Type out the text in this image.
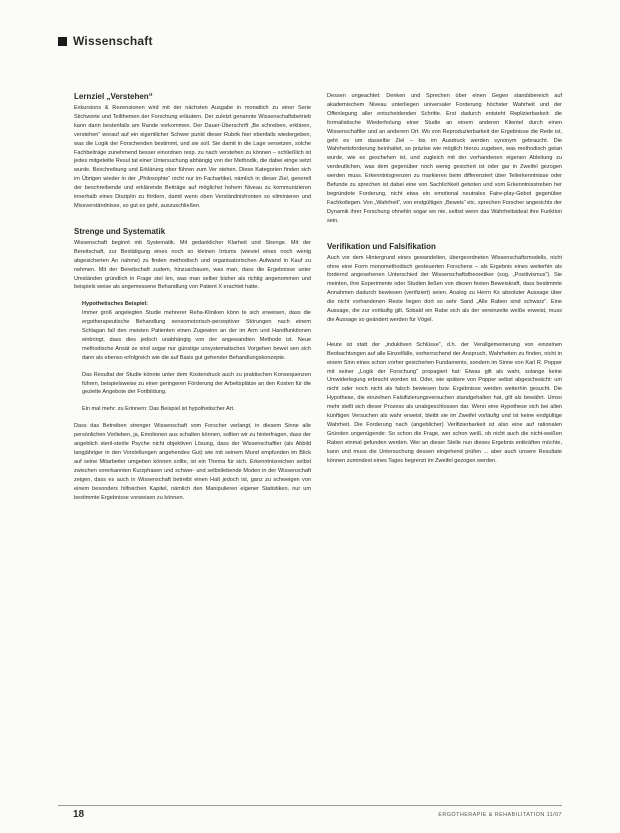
Wissenschaft
Lernziel „Verstehen“

Exkursions & Rezensionen wird mit der nächsten Ausgabe in monatlich zu einer Serie Stichworte und Teilthemen der Forschung erläutern. Der zuletzt genannte Wissenschaftsbetrieb kann darin bestenfalls am Rande vorkommen. Der Dauer-Überschrift „Be schreiben, erklären, verstehen“ worauf auf ein eigentlicher Schwer punkt dieser Rubrik hier ebenfalls wiedergeben, was die Logik der Forschenden bestimmt, und sie soll. Sie damit in die Lage versetzen, solche Fachbeiträge zunehmend besser einordnen resp. zu nach verstehen zu können – schließlich ist jedes mitgeteilte Resul tat einer Untersuchung abhängig von der Methodik, die dabei einge setzt wurde. Beschreibung und Erklärung ober führen zum Ver stehen. Diese Kategorien finden sich im Übrigen wieder in der „Philosophie“ nicht nur im Fachartikel, nämlich in dieser Ziel, generell der beschreibende und erklärende Beiträge auf möglichst hohem Niveau zu kommunizieren innerhalb eines Disziplin zu fördern, damit wenn oben Verständnisfronten so eliminieren und Missverständnisse, so gut es geht, auszuschließen.

Strenge und Systematik

Wissenschaft beginnt mit Systematik. Mit gedanklicher Klarheit und Strenge. Mit der Bereitschaft, zur Bestätigung eines noch so kleinen Irrtums (wieviel eines noch wenig abgesicherten An nahme) zu finden methodisch und organisatorischen Aufwand in Kauf zu nehmen. Mit der Bereitschaft zudem, hinzuschauen, was man, dass die Ergebnisse unter Umständen gründlich in Frage stel len, was man selber bisher als richtig angenommen und beispiels weise als angemessene Behandlung von Patient X erachtet hatte.

Hypothetisches Beispiel:

Immer groß angelegten Studie mehrerer Reha-Kliniken könn te sich erweisen, dass die ergotherapeutische Behandlung sensomotorisch-perzeptiver Störungen nach einem Schlagan fall den meisten Patienten einen Zugewinn an der im Arm und Handfunktionen einbringt, dass dies jedoch unabhängig von der angewandten Methode ist. Neue methodische Ansät ze sind sogar nur günstige unsystematisches Vorgehen bewei sen sich dann als ebenso erfolgreich wie die auf Basis gut gehender Behandlungskonzepte.

Das Resultat der Studie könnte unter dem Kostendruck auch zu praktischen Konsequenzen führen, beispielsweise zu einer geringeren Förderung der Arbeitsplätze an den Kosten für die gezielte Angebote der Fortbildung.

Ein mal mehr: zu Erinnern: Das Beispiel ist hypothetischer Art.

Dass das Betreiben strenger Wissenschaft vom Forscher verlangt, in diesem Sinne alle persönlichen Vorlieben, ja, Emotionen aus schalten können, sollten wir zu hinterfragen, dass der angeblich steril-sterile Psyche nicht objektiven Lösung, dass der Wissenschaftler (als Abbild langjähriger in den Vorstellungen angehendes Gut) wie mit seinem Mund empfunden im Blick auf seine Mitarbeiter umgeben können sollte, ist ein Thema für sich. Erkenntnisreichen selbst zwischen vorerkannten Kurzphasen und schwer- und selbstlebende Moden in der Wissenschaft zeigen, dass es auch in Wissenschaft betreibt einen Halt jedoch ist, ganz zu schweigen von einem besonders hilfreichen Kapitel, nämlich den Manipulieren eigener Statistiken, nur um bestimmte Ergebnisse vorweisen zu können.

Dessen ungeachtet: Denken und Sprechen über einen Gegen standsbereich auf akademischem Niveau unterliegen universaler Forderung höchster Wahrheit und der Offenlegung aller entscheidenden Schritte. Erst dadurch entsteht Replizierbarkeit: die formalistische Wiederholung einer Studie an einem anderen Klientel durch einen Wissenschaftler und an anderem Ort. Wo von Reproduzierbarkeit der Ergebnisse die Rede ist, geht es um dasselbe Ziel – bis im Ausdruck werden synonym gebraucht. Die Wahrheitsforderung beinhaltet, so präzise wie möglich hierzu zugeben, was methodisch getan wurde, wie es geschehen ist, und zugleich mit der vorhandenen eigenen Ableitung zu verdeutlichen, was dem gegenüber noch wenig gesichert ist oder gar in Zweifel gezogen werden muss. Erkenntnisgrenzen zu markieren beim differenziert über Teilerkenntnisse oder Befunde zu sprechen ist dabei eine von Sachlichkeit geboten und vom Erkenntnisstreben her begründete Forderung, nicht etwa ein emotional neutrales Faire-play-Gebot gegenüber Fachkollegen. Von „Wahrheit“, von endgültigen „Beweis“ etc. sprechen Forscher angesichts der Dynamik ihrer Forschung ohnehin sogar wo nie, selbst wenn das Wahrheitsideal ihre Funktion sein.

Verifikation und Falsifikation

Auch vor dem Hintergrund eines gewandelten, übergeordneten Wissenschaftsmodells, nicht ohne eine Form monomethodisch gesteuerten Forschens – als Ergebnis eines weiterhin als fordernd angesehenen Unterschied der Wissenschaftstheoretiker (sog. „Positivismus“). Sie meinten, ihre Experimente oder Studien ließen von diesen festen Beweiskraft, dass bestimmte Annahmen dadurch bewiesen (verifiziert) seien. Analog zu Herrn Ks absoluter Aussage über die nicht vorhandenen Reste liegen dort so sehr Sand „Alle Raben sind schwarz“. Eine Aussage, die zur vorläufig gilt. Sobald ein Rabe sich als der vereinzelte weiße erweist, muss die Aussage so geändert werden für Vögel.

Heute ist statt der „induktiven Schlüsse“, d.h. der Verallgemeinerung von einzelnen Beobachtungen auf alle Einzelfälle, vorherrschend der Anspruch, Wahrheiten zu finden, nicht in einem Sinn eines schon vorher gesicherten Fundaments, sondern im Sinne von Karl R. Popper mit seiner „Logik der Forschung“ propagiert hat: Etwas gilt als wahr, solange keine Umwiderlegung erbracht worden ist. Oder, wie spätere von Popper selbst abgeschwächt: um nicht oder noch nicht als falsch bewiesen bzw. Ergebnisse werden weiterhin gesucht. Die Hypothese, die einzelnen Falsifizierungsversuchen standgehalten hat, gilt als bewährt. Umso mehr stellt sich dieser Prozess als unabgeschlossen dar. Wenn eine Hypothese sich bei allen künftigen Versuchen als wahr erweist, bleibt sie im Zweifel vorläufig und ist keine endgültige Wahrheit. Die Forderung nach (angeblicher) Verifizierbarkeit ist also eine auf rationalen Gründen ungenügende: So schon die Frage, wer schon weiß, ob nicht auch die nicht-weißen Raben einmal gefunden werden. Wer an dieser Stelle nun dieses Ergebnis entkräften möchte, kann und muss die Untersuchung dessen eingehend prüfen ... aber auch unsere Resultate können zumindest eines Tages begrenzt im Zweifel gezogen werden.

18	ERGOTHERAPIE & REHABILITATION 11/07
